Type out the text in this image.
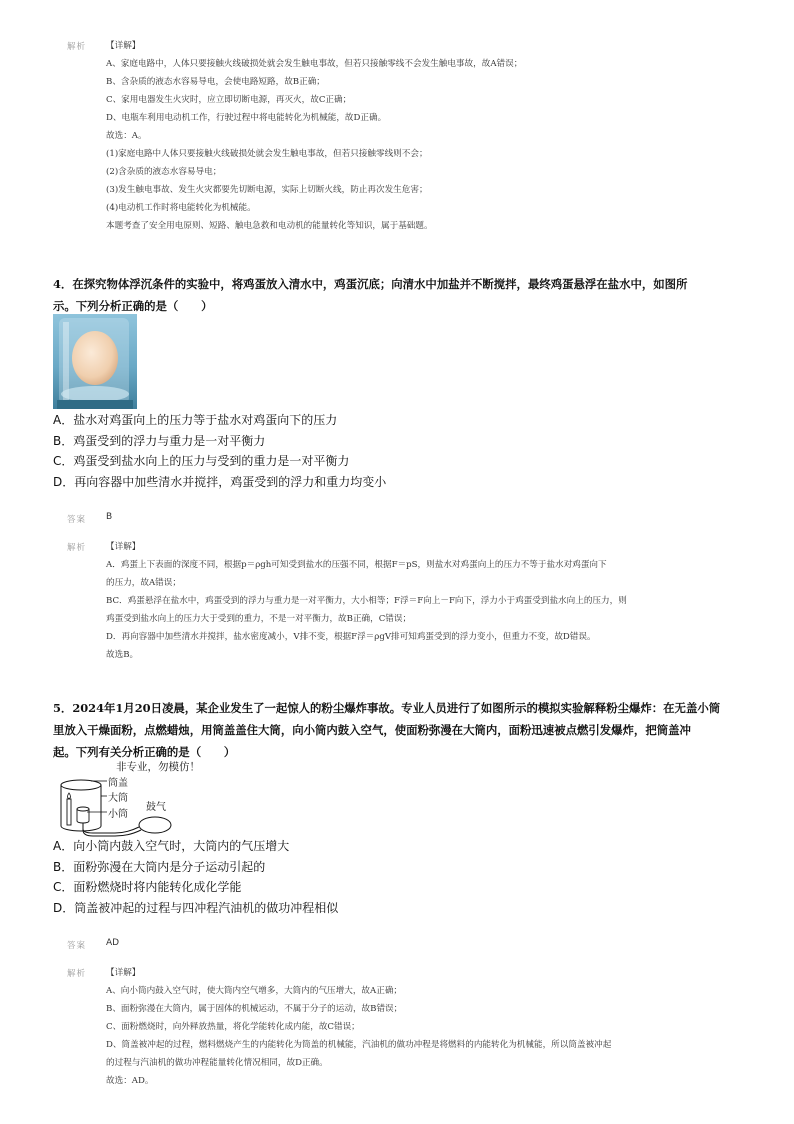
解析 【详解】
A、家庭电路中，人体只要接触火线破损处就会发生触电事故，但若只接触零线不会发生触电事故，故A错误；
B、含杂质的液态水容易导电，会使电路短路，故B正确；
C、家用电器发生火灾时，应立即切断电源，再灭火，故C正确；
D、电瓶车利用电动机工作，行驶过程中将电能转化为机械能，故D正确。
故选：A。
(1)家庭电路中人体只要接触火线破损处就会发生触电事故，但若只接触零线则不会；
(2)含杂质的液态水容易导电；
(3)发生触电事故、发生火灾都要先切断电源，实际上切断火线，防止再次发生危害；
(4)电动机工作时将电能转化为机械能。
本题考查了安全用电原则、短路、触电急救和电动机的能量转化等知识，属于基础题。
4．在探究物体浮沉条件的实验中，将鸡蛋放入清水中，鸡蛋沉底；向清水中加盐并不断搅拌，最终鸡蛋悬浮在盐水中，如图所
示。下列分析正确的是（　　）
A．盐水对鸡蛋向上的压力等于盐水对鸡蛋向下的压力
B．鸡蛋受到的浮力与重力是一对平衡力
C．鸡蛋受到盐水向上的压力与受到的重力是一对平衡力
D．再向容器中加些清水并搅拌，鸡蛋受到的浮力和重力均变小
答案 B
解析 【详解】
A．鸡蛋上下表面的深度不同，根据p＝ρgh可知受到盐水的压强不同，根据F＝pS，则盐水对鸡蛋向上的压力不等于盐水对鸡蛋向下
的压力，故A错误；
BC．鸡蛋悬浮在盐水中，鸡蛋受到的浮力与重力是一对平衡力，大小相等；F浮＝F向上－F向下，浮力小于鸡蛋受到盐水向上的压力，则
鸡蛋受到盐水向上的压力大于受到的重力，不是一对平衡力，故B正确，C错误；
D．再向容器中加些清水并搅拌，盐水密度减小，V排不变，根据F浮＝ρgV排可知鸡蛋受到的浮力变小，但重力不变，故D错误。
故选B。
5．2024年1月20日凌晨，某企业发生了一起惊人的粉尘爆炸事故。专业人员进行了如图所示的模拟实验解释粉尘爆炸：在无盖小筒
里放入干燥面粉，点燃蜡烛，用筒盖盖住大筒，向小筒内鼓入空气，使面粉弥漫在大筒内，面粉迅速被点燃引发爆炸，把筒盖冲
起。下列有关分析正确的是（　　）
非专业，勿模仿！
筒盖
大筒
小筒
鼓气
A．向小筒内鼓入空气时，大筒内的气压增大
B．面粉弥漫在大筒内是分子运动引起的
C．面粉燃烧时将内能转化成化学能
D．筒盖被冲起的过程与四冲程汽油机的做功冲程相似
答案 AD
解析 【详解】
A、向小筒内鼓入空气时，使大筒内空气增多，大筒内的气压增大，故A正确；
B、面粉弥漫在大筒内，属于固体的机械运动，不属于分子的运动，故B错误；
C、面粉燃烧时，向外释放热量，将化学能转化成内能，故C错误；
D、筒盖被冲起的过程，燃料燃烧产生的内能转化为筒盖的机械能，汽油机的做功冲程是将燃料的内能转化为机械能，所以筒盖被冲起
的过程与汽油机的做功冲程能量转化情况相同，故D正确。
故选：AD。
